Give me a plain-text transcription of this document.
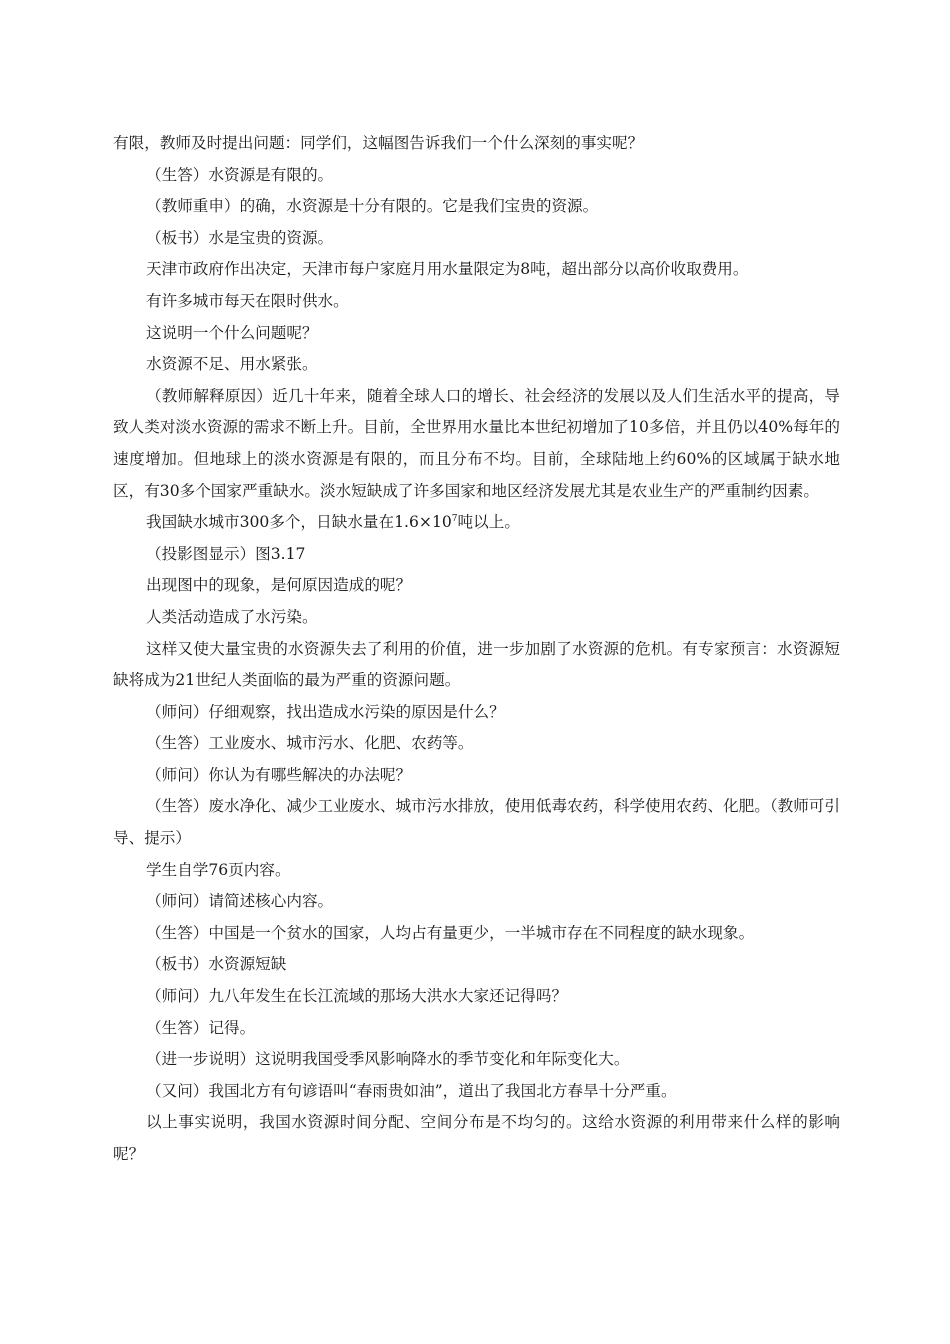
有限，教师及时提出问题：同学们，这幅图告诉我们一个什么深刻的事实呢？

（生答）水资源是有限的。

（教师重申）的确，水资源是十分有限的。它是我们宝贵的资源。

（板书）水是宝贵的资源。

天津市政府作出决定，天津市每户家庭月用水量限定为8吨，超出部分以高价收取费用。

有许多城市每天在限时供水。

这说明一个什么问题呢？

水资源不足、用水紧张。

（教师解释原因）近几十年来，随着全球人口的增长、社会经济的发展以及人们生活水平的提高，导致人类对淡水资源的需求不断上升。目前，全世界用水量比本世纪初增加了10多倍，并且仍以40%每年的速度增加。但地球上的淡水资源是有限的，而且分布不均。目前，全球陆地上约60%的区域属于缺水地区，有30多个国家严重缺水。淡水短缺成了许多国家和地区经济发展尤其是农业生产的严重制约因素。

我国缺水城市300多个，日缺水量在$1.6\times 10^7$吨以上。

（投影图显示）图3.17

出现图中的现象，是何原因造成的呢？

人类活动造成了水污染。

这样又使大量宝贵的水资源失去了利用的价值，进一步加剧了水资源的危机。有专家预言：水资源短缺将成为21世纪人类面临的最为严重的资源问题。

（师问）仔细观察，找出造成水污染的原因是什么？

（生答）工业废水、城市污水、化肥、农药等。

（师问）你认为有哪些解决的办法呢？

（生答）废水净化、减少工业废水、城市污水排放，使用低毒农药，科学使用农药、化肥。（教师可引导、提示）

学生自学76页内容。

（师问）请简述核心内容。

（生答）中国是一个贫水的国家，人均占有量更少，一半城市存在不同程度的缺水现象。

（板书）水资源短缺

（师问）九八年发生在长江流域的那场大洪水大家还记得吗？

（生答）记得。

（进一步说明）这说明我国受季风影响降水的季节变化和年际变化大。

（又问）我国北方有句谚语叫“春雨贵如油”，道出了我国北方春旱十分严重。

以上事实说明，我国水资源时间分配、空间分布是不均匀的。这给水资源的利用带来什么样的影响呢？
